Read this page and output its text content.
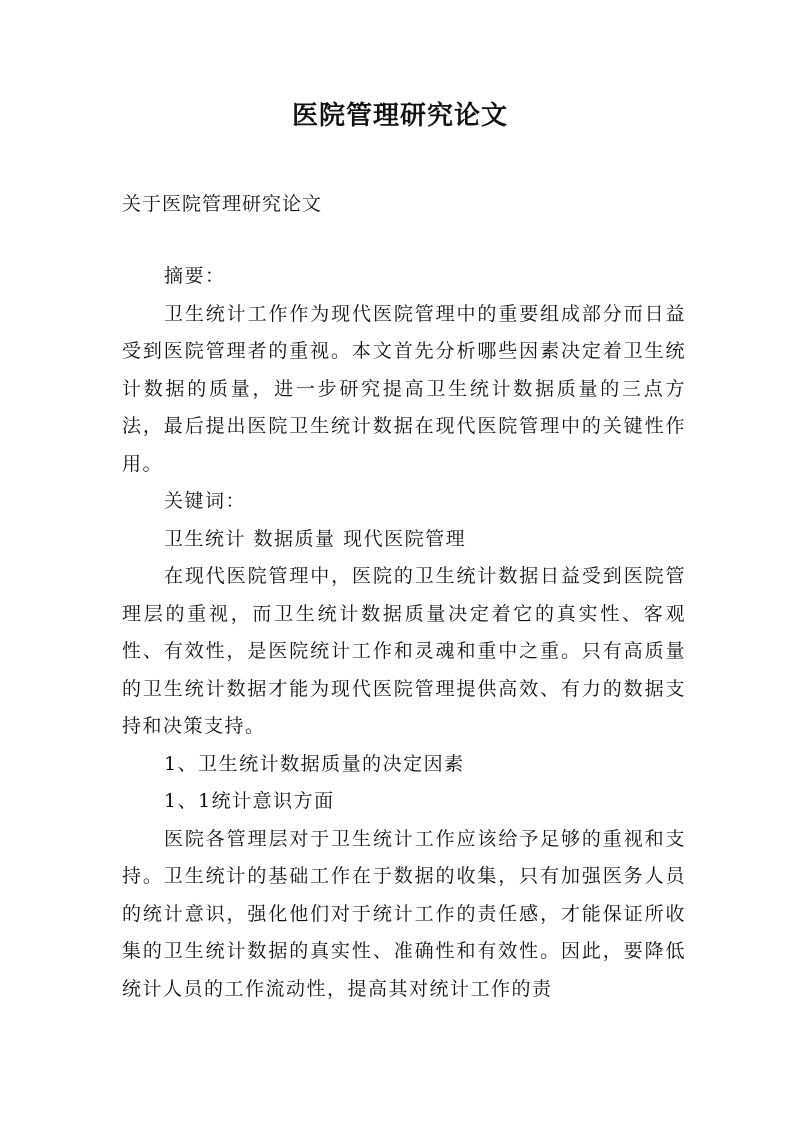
医院管理研究论文
关于医院管理研究论文

摘要：

卫生统计工作作为现代医院管理中的重要组成部分而日益受到医院管理者的重视。本文首先分析哪些因素决定着卫生统计数据的质量，进一步研究提高卫生统计数据质量的三点方法，最后提出医院卫生统计数据在现代医院管理中的关键性作用。

关键词：

卫生统计 数据质量 现代医院管理

在现代医院管理中，医院的卫生统计数据日益受到医院管理层的重视，而卫生统计数据质量决定着它的真实性、客观性、有效性，是医院统计工作和灵魂和重中之重。只有高质量的卫生统计数据才能为现代医院管理提供高效、有力的数据支持和决策支持。

1、卫生统计数据质量的决定因素

1、1统计意识方面

医院各管理层对于卫生统计工作应该给予足够的重视和支持。卫生统计的基础工作在于数据的收集，只有加强医务人员的统计意识，强化他们对于统计工作的责任感，才能保证所收集的卫生统计数据的真实性、准确性和有效性。因此，要降低统计人员的工作流动性，提高其对统计工作的责
